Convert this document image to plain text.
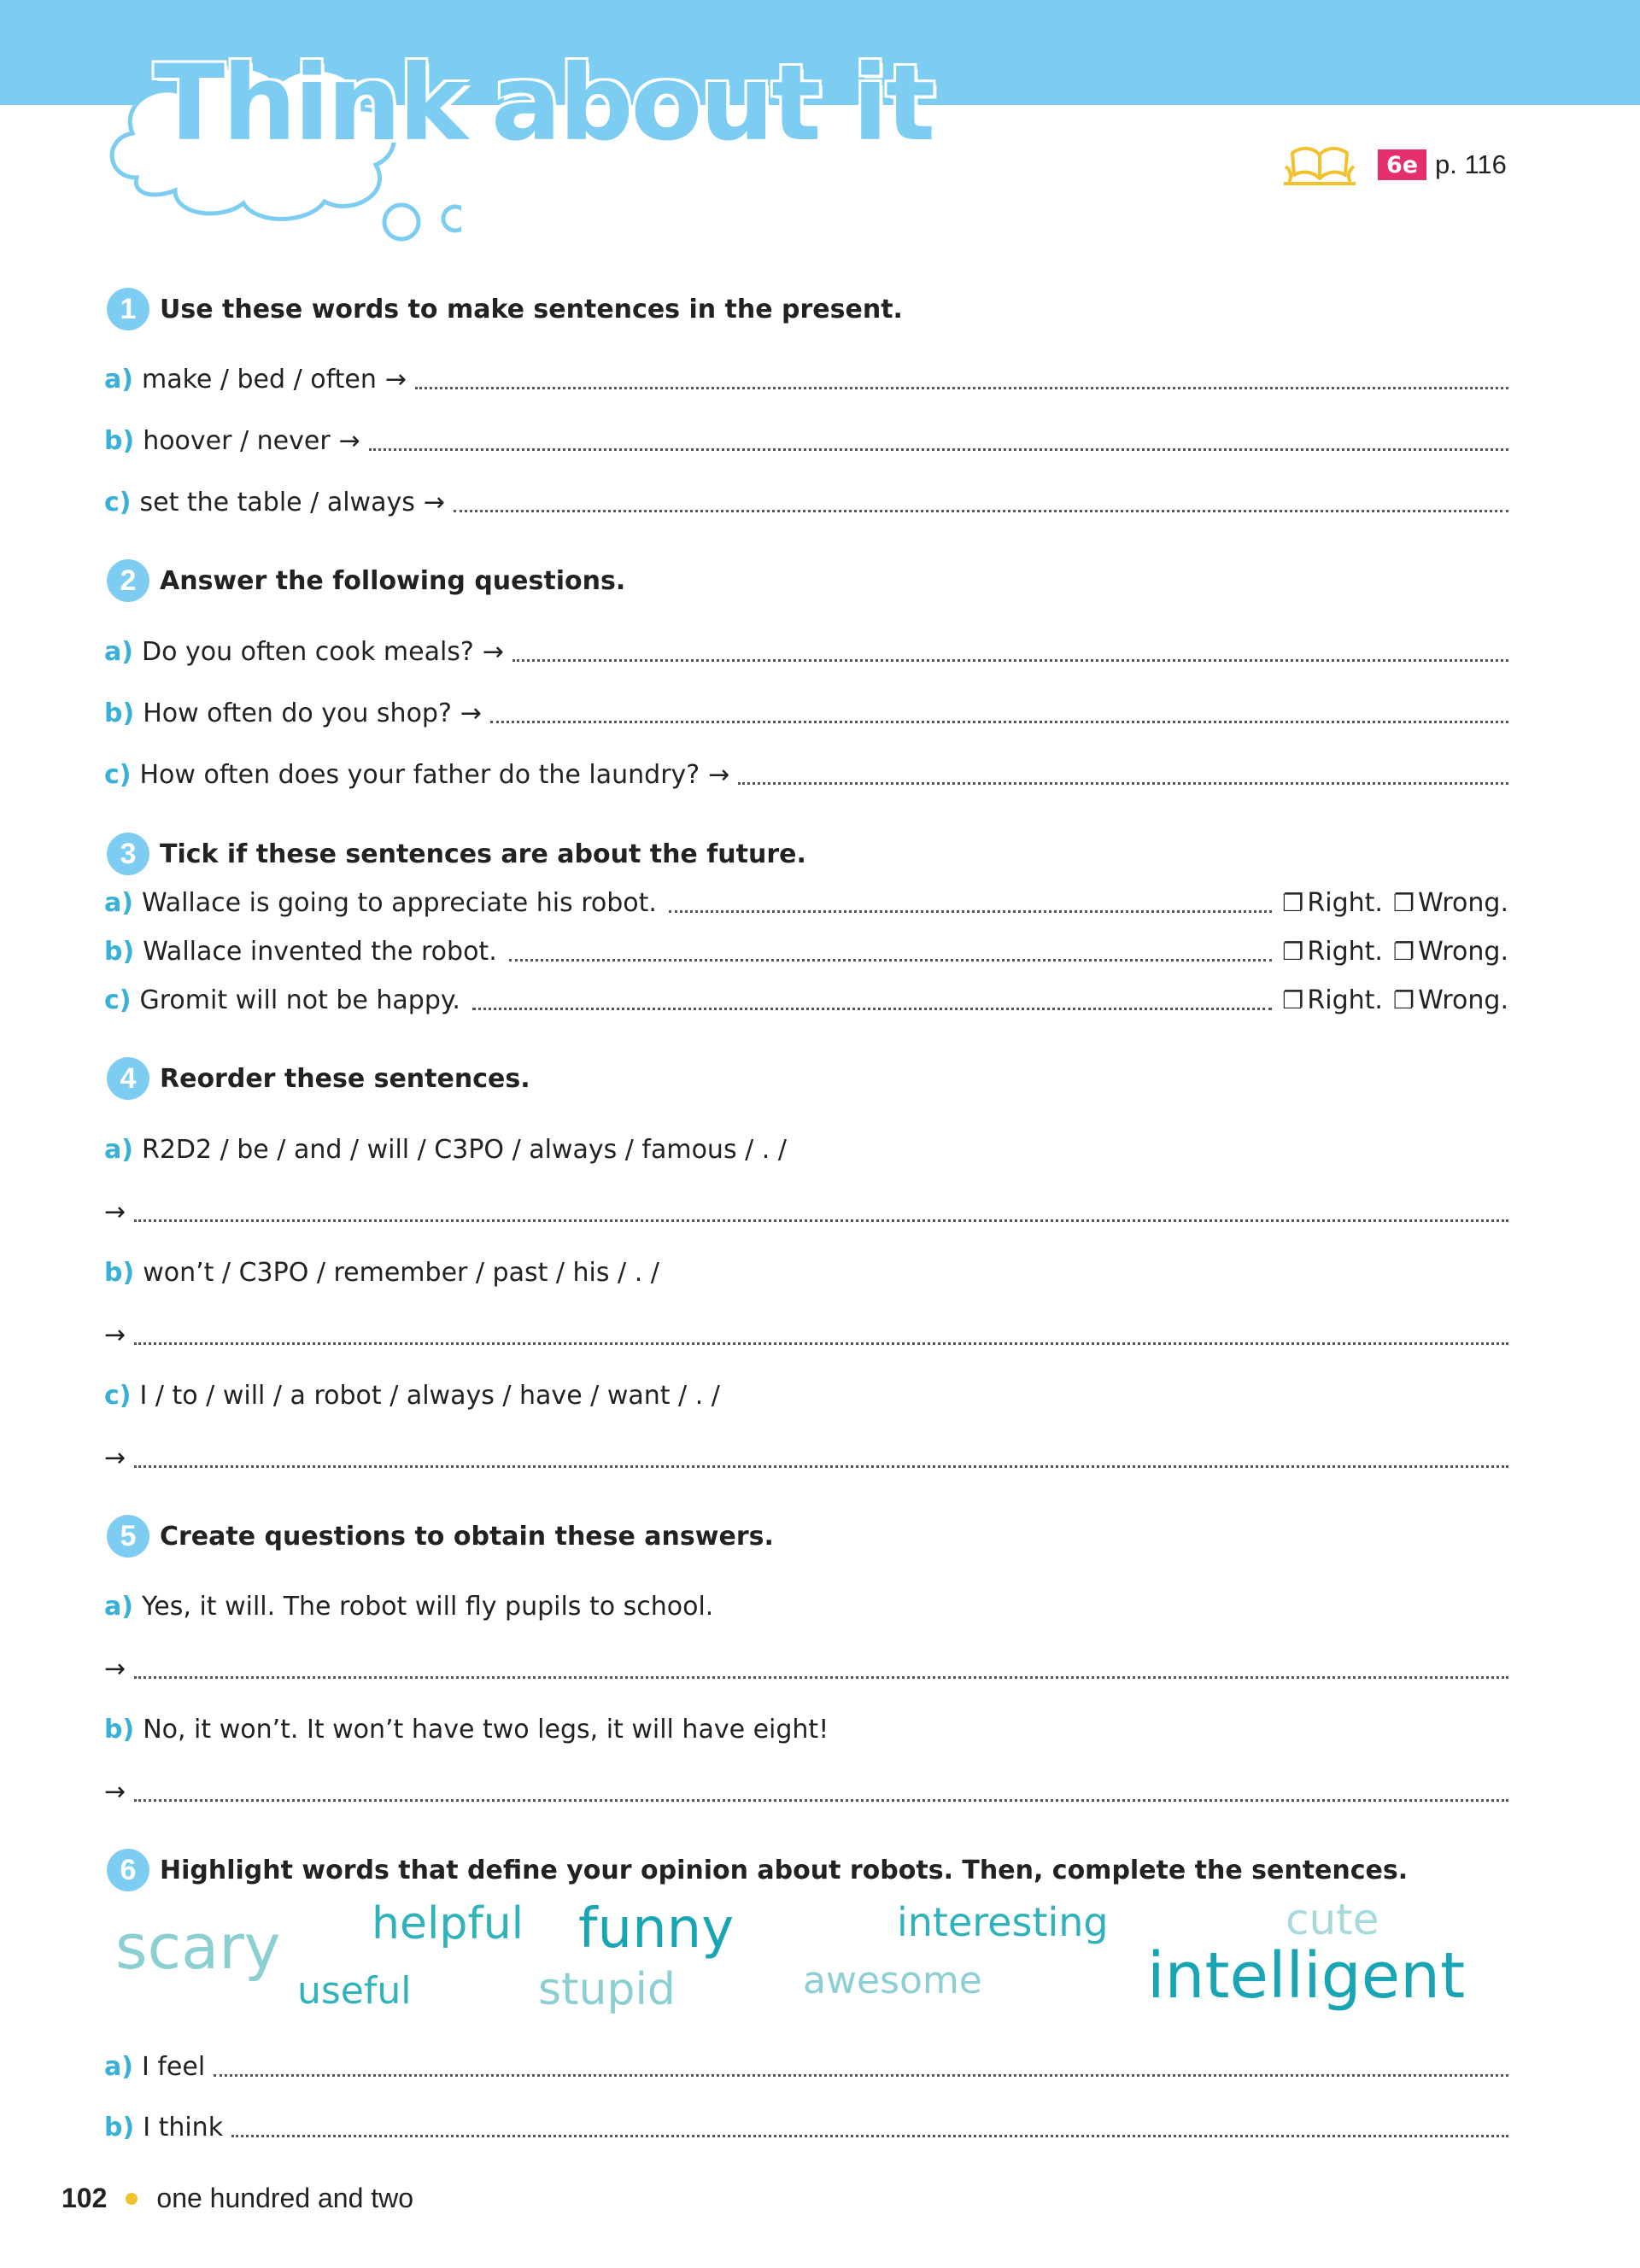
Think about it
6e p. 116
1 Use these words to make sentences in the present.
a) make / bed / often →
b) hoover / never →
c) set the table / always →
2 Answer the following questions.
a) Do you often cook meals? →
b) How often do you shop? →
c) How often does your father do the laundry? →
3 Tick if these sentences are about the future.
a) Wallace is going to appreciate his robot.	❐ Right. ❐ Wrong.
b) Wallace invented the robot.	❐ Right. ❐ Wrong.
c) Gromit will not be happy.	❐ Right. ❐ Wrong.
4 Reorder these sentences.
a) R2D2 / be / and / will / C3PO / always / famous / . /
→
b) won’t / C3PO / remember / past / his / . /
→
c) I / to / will / a robot / always / have / want / . /
→
5 Create questions to obtain these answers.
a) Yes, it will. The robot will fly pupils to school.
→
b) No, it won’t. It won’t have two legs, it will have eight!
→
6 Highlight words that define your opinion about robots. Then, complete the sentences.
scary helpful funny	interesting	cute
useful	stupid	awesome	intelligent
a) I feel
b) I think
102 one hundred and two
